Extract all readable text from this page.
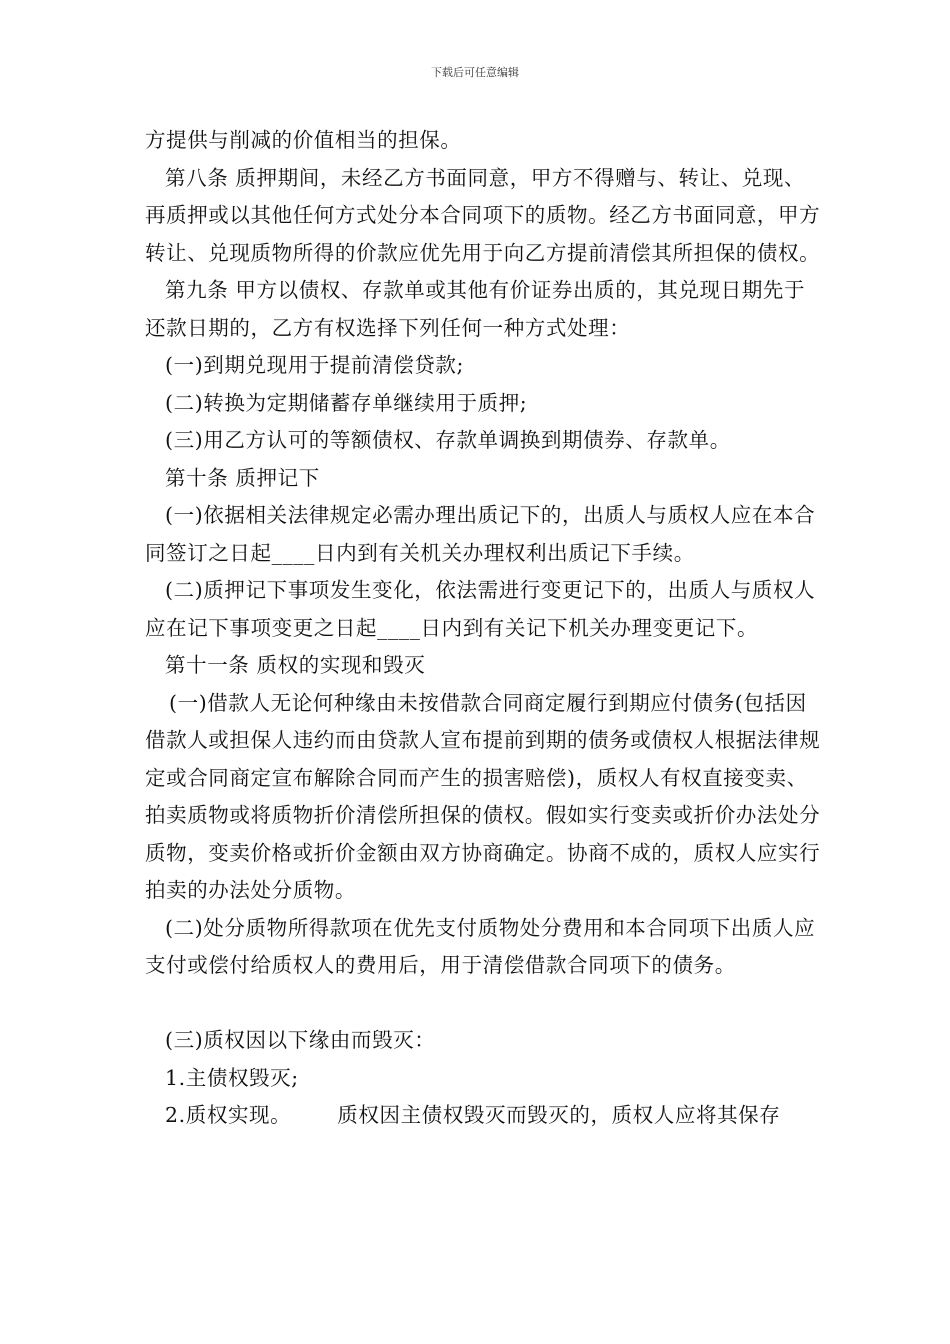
下载后可任意编辑

方提供与削减的价值相当的担保。

第八条 质押期间，未经乙方书面同意，甲方不得赠与、转让、兑现、再质押或以其他任何方式处分本合同项下的质物。经乙方书面同意，甲方转让、兑现质物所得的价款应优先用于向乙方提前清偿其所担保的债权。

第九条 甲方以债权、存款单或其他有价证券出质的，其兑现日期先于还款日期的，乙方有权选择下列任何一种方式处理：

(一)到期兑现用于提前清偿贷款;

(二)转换为定期储蓄存单继续用于质押;

(三)用乙方认可的等额债权、存款单调换到期债券、存款单。

第十条 质押记下

(一)依据相关法律规定必需办理出质记下的，出质人与质权人应在本合同签订之日起____日内到有关机关办理权利出质记下手续。

(二)质押记下事项发生变化，依法需进行变更记下的，出质人与质权人应在记下事项变更之日起____日内到有关记下机关办理变更记下。

第十一条 质权的实现和毁灭

(一)借款人无论何种缘由未按借款合同商定履行到期应付债务(包括因借款人或担保人违约而由贷款人宣布提前到期的债务或债权人根据法律规定或合同商定宣布解除合同而产生的损害赔偿)，质权人有权直接变卖、拍卖质物或将质物折价清偿所担保的债权。假如实行变卖或折价办法处分质物，变卖价格或折价金额由双方协商确定。协商不成的，质权人应实行拍卖的办法处分质物。

(二)处分质物所得款项在优先支付质物处分费用和本合同项下出质人应支付或偿付给质权人的费用后，用于清偿借款合同项下的债务。

(三)质权因以下缘由而毁灭：

1.主债权毁灭;

2.质权实现。 质权因主债权毁灭而毁灭的，质权人应将其保存
